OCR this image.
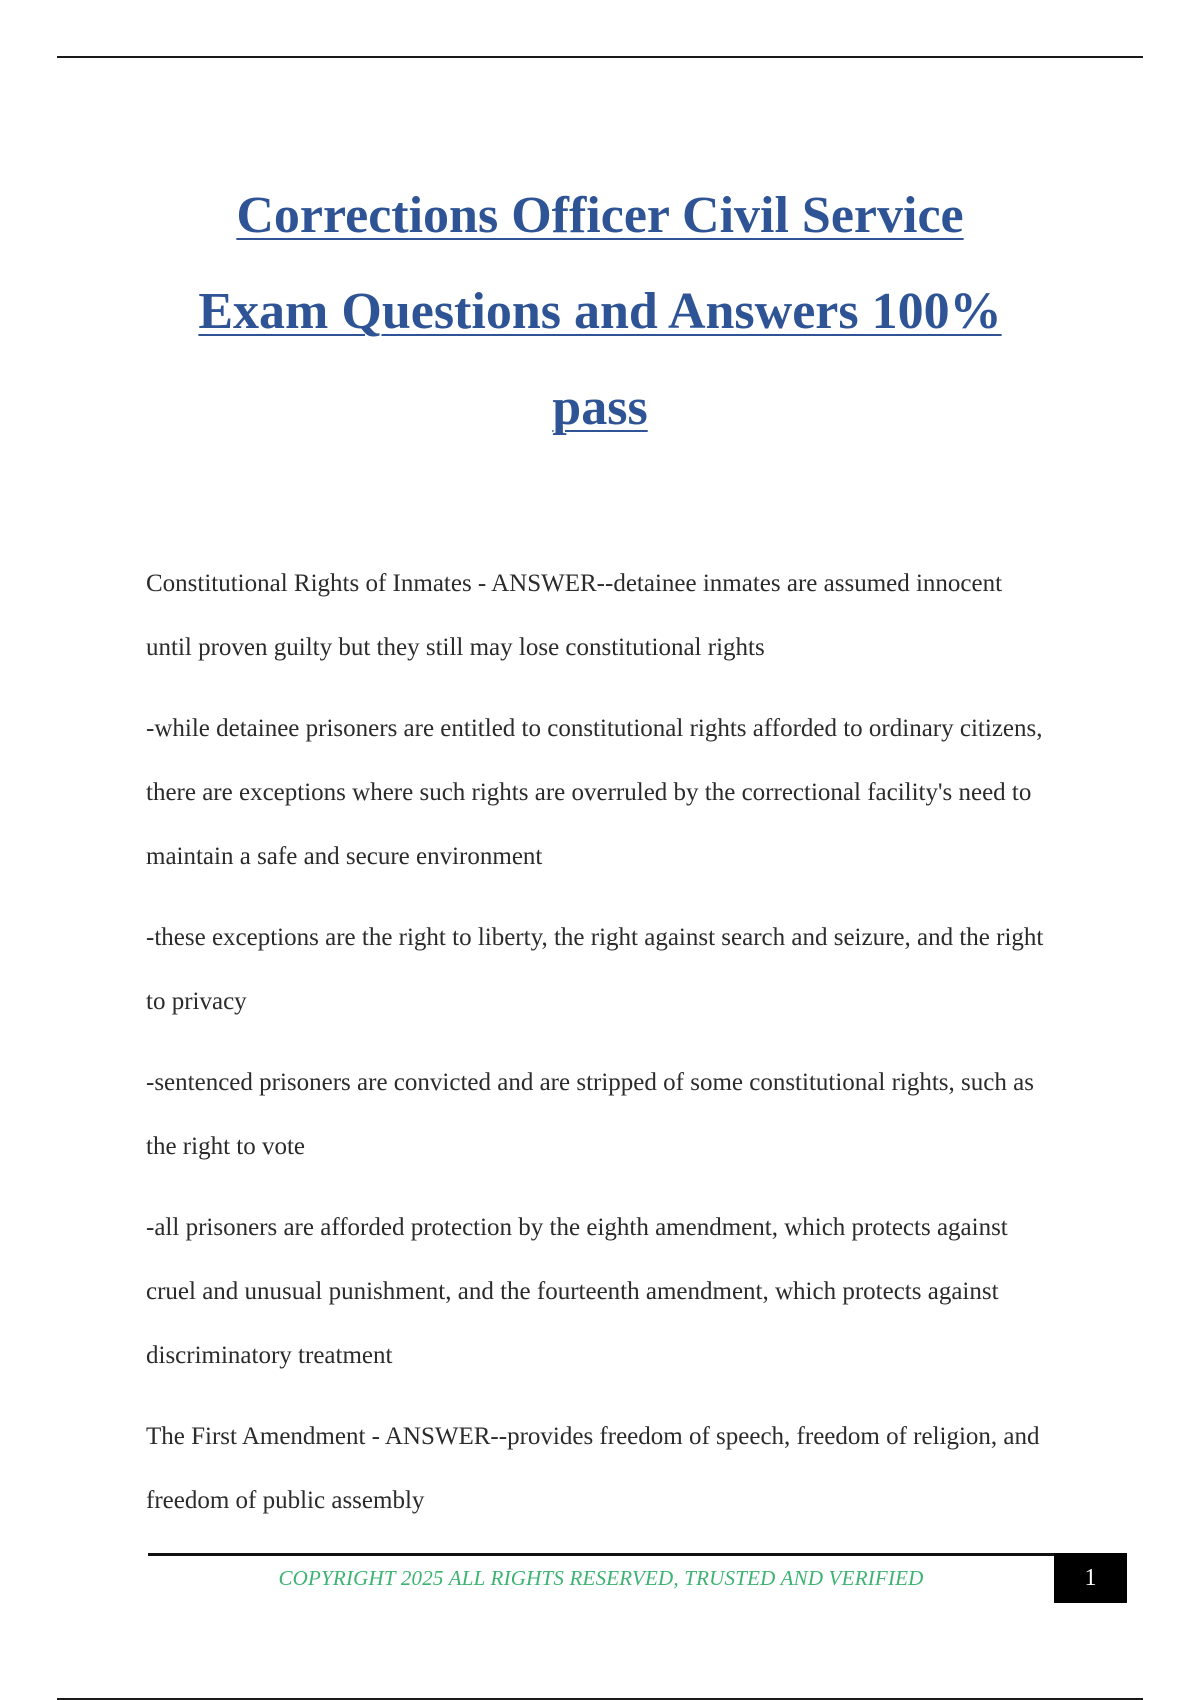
Corrections Officer Civil Service
Exam Questions and Answers 100%
pass

Constitutional Rights of Inmates - ANSWER--detainee inmates are assumed innocent until proven guilty but they still may lose constitutional rights

-while detainee prisoners are entitled to constitutional rights afforded to ordinary citizens, there are exceptions where such rights are overruled by the correctional facility's need to maintain a safe and secure environment

-these exceptions are the right to liberty, the right against search and seizure, and the right to privacy

-sentenced prisoners are convicted and are stripped of some constitutional rights, such as the right to vote

-all prisoners are afforded protection by the eighth amendment, which protects against cruel and unusual punishment, and the fourteenth amendment, which protects against discriminatory treatment

The First Amendment - ANSWER--provides freedom of speech, freedom of religion, and freedom of public assembly

COPYRIGHT 2025 ALL RIGHTS RESERVED, TRUSTED AND VERIFIED	1
